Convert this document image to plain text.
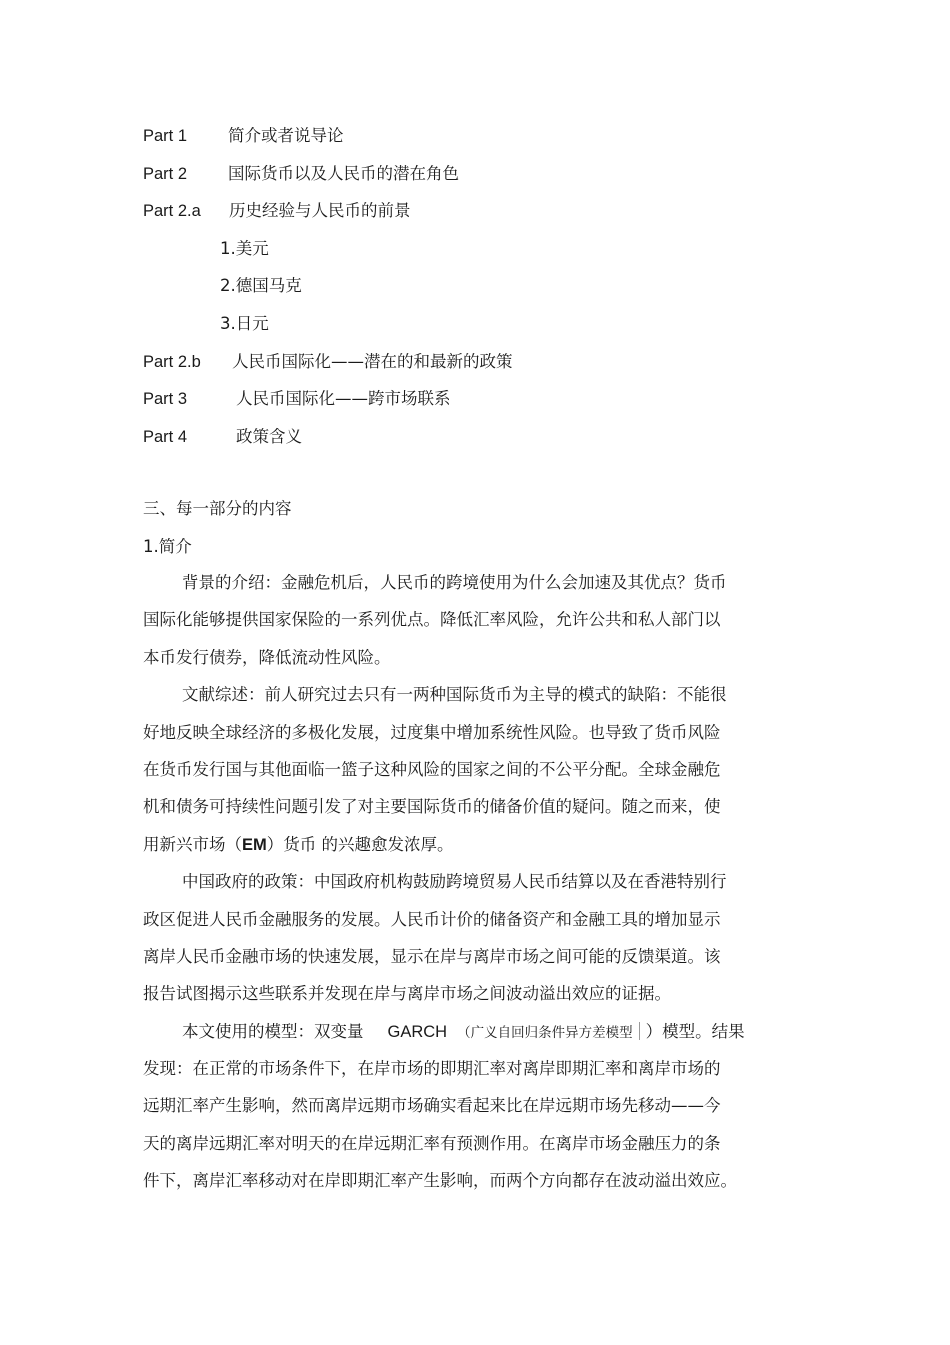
Part 1 简介或者说导论
Part 2 国际货币以及人民币的潜在角色
Part 2.a 历史经验与人民币的前景
1.美元
2.德国马克
3.日元
Part 2.b 人民币国际化——潜在的和最新的政策
Part 3	人民币国际化——跨市场联系
Part 4	政策含义
三、每一部分的内容
1.简介
背景的介绍：金融危机后，人民币的跨境使用为什么会加速及其优点？货币
国际化能够提供国家保险的一系列优点。降低汇率风险，允许公共和私人部门以
本币发行债券，降低流动性风险。
文献综述：前人研究过去只有一两种国际货币为主导的模式的缺陷：不能很
好地反映全球经济的多极化发展，过度集中增加系统性风险。也导致了货币风险
在货币发行国与其他面临一篮子这种风险的国家之间的不公平分配。全球金融危
机和债务可持续性问题引发了对主要国际货币的储备价值的疑问。随之而来，使
用新兴市场（EM）货币 的兴趣愈发浓厚。
中国政府的政策：中国政府机构鼓励跨境贸易人民币结算以及在香港特别行
政区促进人民币金融服务的发展。人民币计价的储备资产和金融工具的增加显示
离岸人民币金融市场的快速发展，显示在岸与离岸市场之间可能的反馈渠道。该
报告试图揭示这些联系并发现在岸与离岸市场之间波动溢出效应的证据。
本文使用的模型：双变量 GARCH （广义自回归条件异方差模型 ）模型。结果
发现：在正常的市场条件下，在岸市场的即期汇率对离岸即期汇率和离岸市场的
远期汇率产生影响，然而离岸远期市场确实看起来比在岸远期市场先移动——今
天的离岸远期汇率对明天的在岸远期汇率有预测作用。在离岸市场金融压力的条
件下，离岸汇率移动对在岸即期汇率产生影响，而两个方向都存在波动溢出效应。
